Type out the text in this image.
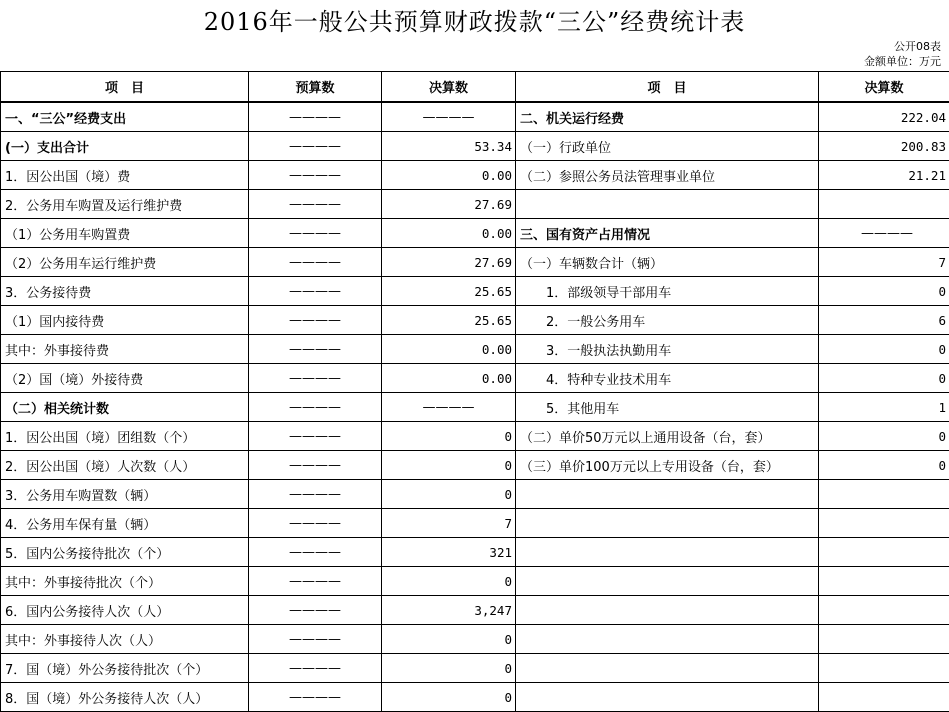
2016年一般公共预算财政拨款“三公”经费统计表
公开08表
金额单位：万元
项　目	预算数	决算数	项　目	决算数
一、“三公”经费支出	————	————	二、机关运行经费	222.04
(一）支出合计	————	53.34	（一）行政单位	200.83
1．因公出国（境）费	————	0.00	（二）参照公务员法管理事业单位	21.21
2．公务用车购置及运行维护费	————	27.69		
（1）公务用车购置费	————	0.00	三、国有资产占用情况	————
（2）公务用车运行维护费	————	27.69	（一）车辆数合计（辆）	7
3．公务接待费	————	25.65	1．部级领导干部用车	0
（1）国内接待费	————	25.65	2．一般公务用车	6
其中：外事接待费	————	0.00	3．一般执法执勤用车	0
（2）国（境）外接待费	————	0.00	4．特种专业技术用车	0
（二）相关统计数	————	————	5．其他用车	1
1．因公出国（境）团组数（个）	————	0	（二）单价50万元以上通用设备（台，套）	0
2．因公出国（境）人次数（人）	————	0	（三）单价100万元以上专用设备（台，套）	0
3．公务用车购置数（辆）	————	0		
4．公务用车保有量（辆）	————	7		
5．国内公务接待批次（个）	————	321		
其中：外事接待批次（个）	————	0		
6．国内公务接待人次（人）	————	3,247		
其中：外事接待人次（人）	————	0		
7．国（境）外公务接待批次（个）	————	0		
8．国（境）外公务接待人次（人）	————	0		
